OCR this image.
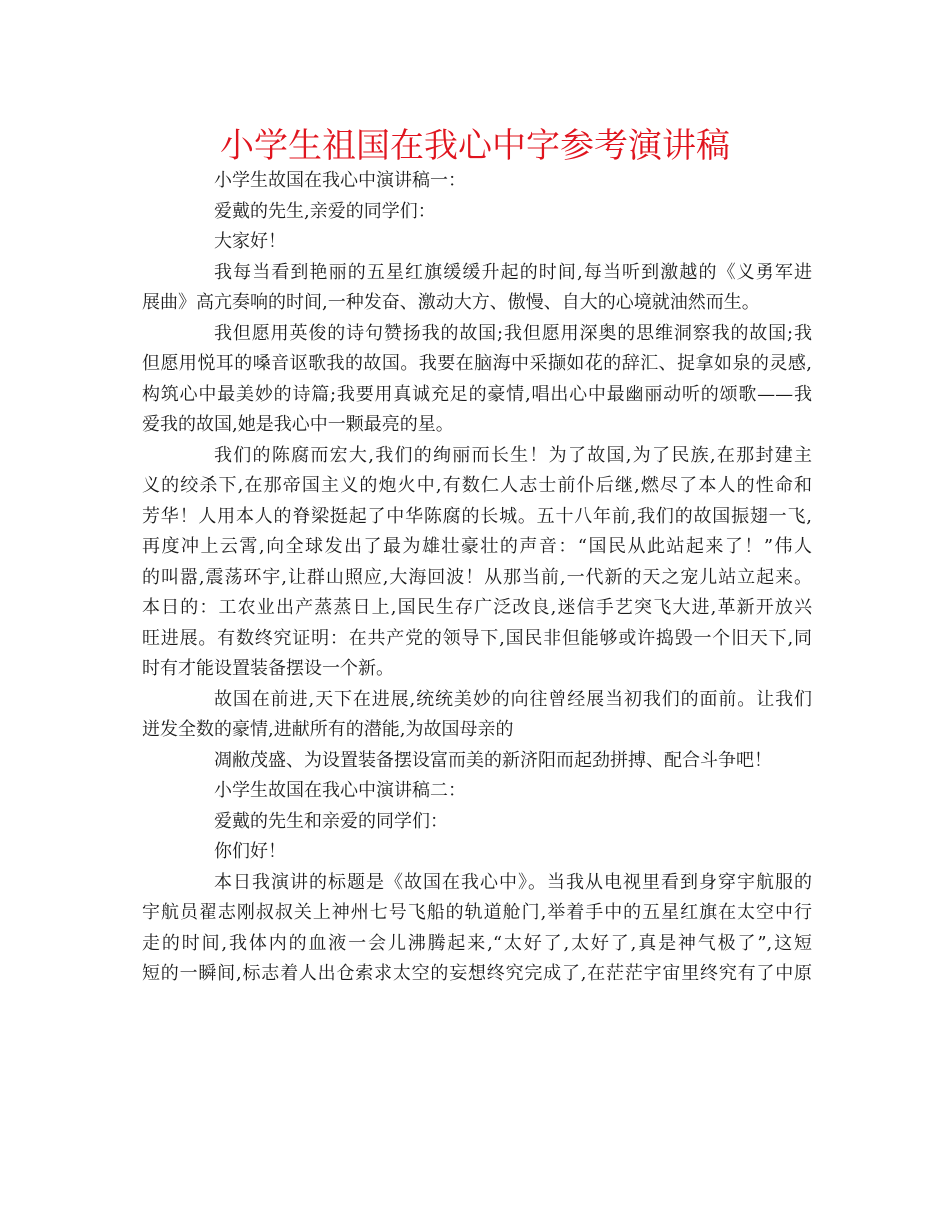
小学生祖国在我心中字参考演讲稿
小学生故国在我心中演讲稿一：
爱戴的先生,亲爱的同学们：
大家好！
我每当看到艳丽的五星红旗缓缓升起的时间,每当听到激越的《义勇军进
展曲》高亢奏响的时间,一种发奋、激动大方、傲慢、自大的心境就油然而生。
我但愿用英俊的诗句赞扬我的故国;我但愿用深奥的思维洞察我的故国;我
但愿用悦耳的嗓音讴歌我的故国。我要在脑海中采撷如花的辞汇、捉拿如泉的灵感,
构筑心中最美妙的诗篇;我要用真诚充足的豪情,唱出心中最幽丽动听的颂歌——我
爱我的故国,她是我心中一颗最亮的星。
我们的陈腐而宏大,我们的绚丽而长生！为了故国,为了民族,在那封建主
义的绞杀下,在那帝国主义的炮火中,有数仁人志士前仆后继,燃尽了本人的性命和
芳华！人用本人的脊梁挺起了中华陈腐的长城。五十八年前,我们的故国振翅一飞,
再度冲上云霄,向全球发出了最为雄壮豪壮的声音：“国民从此站起来了！”伟人
的叫嚣,震荡环宇,让群山照应,大海回波！从那当前,一代新的天之宠儿站立起来。
本日的：工农业出产蒸蒸日上,国民生存广泛改良,迷信手艺突飞大进,革新开放兴
旺进展。有数终究证明：在共产党的领导下,国民非但能够或许捣毁一个旧天下,同
时有才能设置装备摆设一个新。
故国在前进,天下在进展,统统美妙的向往曾经展当初我们的面前。让我们
迸发全数的豪情,进献所有的潜能,为故国母亲的
凋敝茂盛、为设置装备摆设富而美的新济阳而起劲拼搏、配合斗争吧！
小学生故国在我心中演讲稿二：
爱戴的先生和亲爱的同学们：
你们好！
本日我演讲的标题是《故国在我心中》。当我从电视里看到身穿宇航服的
宇航员翟志刚叔叔关上神州七号飞船的轨道舱门,举着手中的五星红旗在太空中行
走的时间,我体内的血液一会儿沸腾起来,“太好了,太好了,真是神气极了”,这短
短的一瞬间,标志着人出仓索求太空的妄想终究完成了,在茫茫宇宙里终究有了中原
